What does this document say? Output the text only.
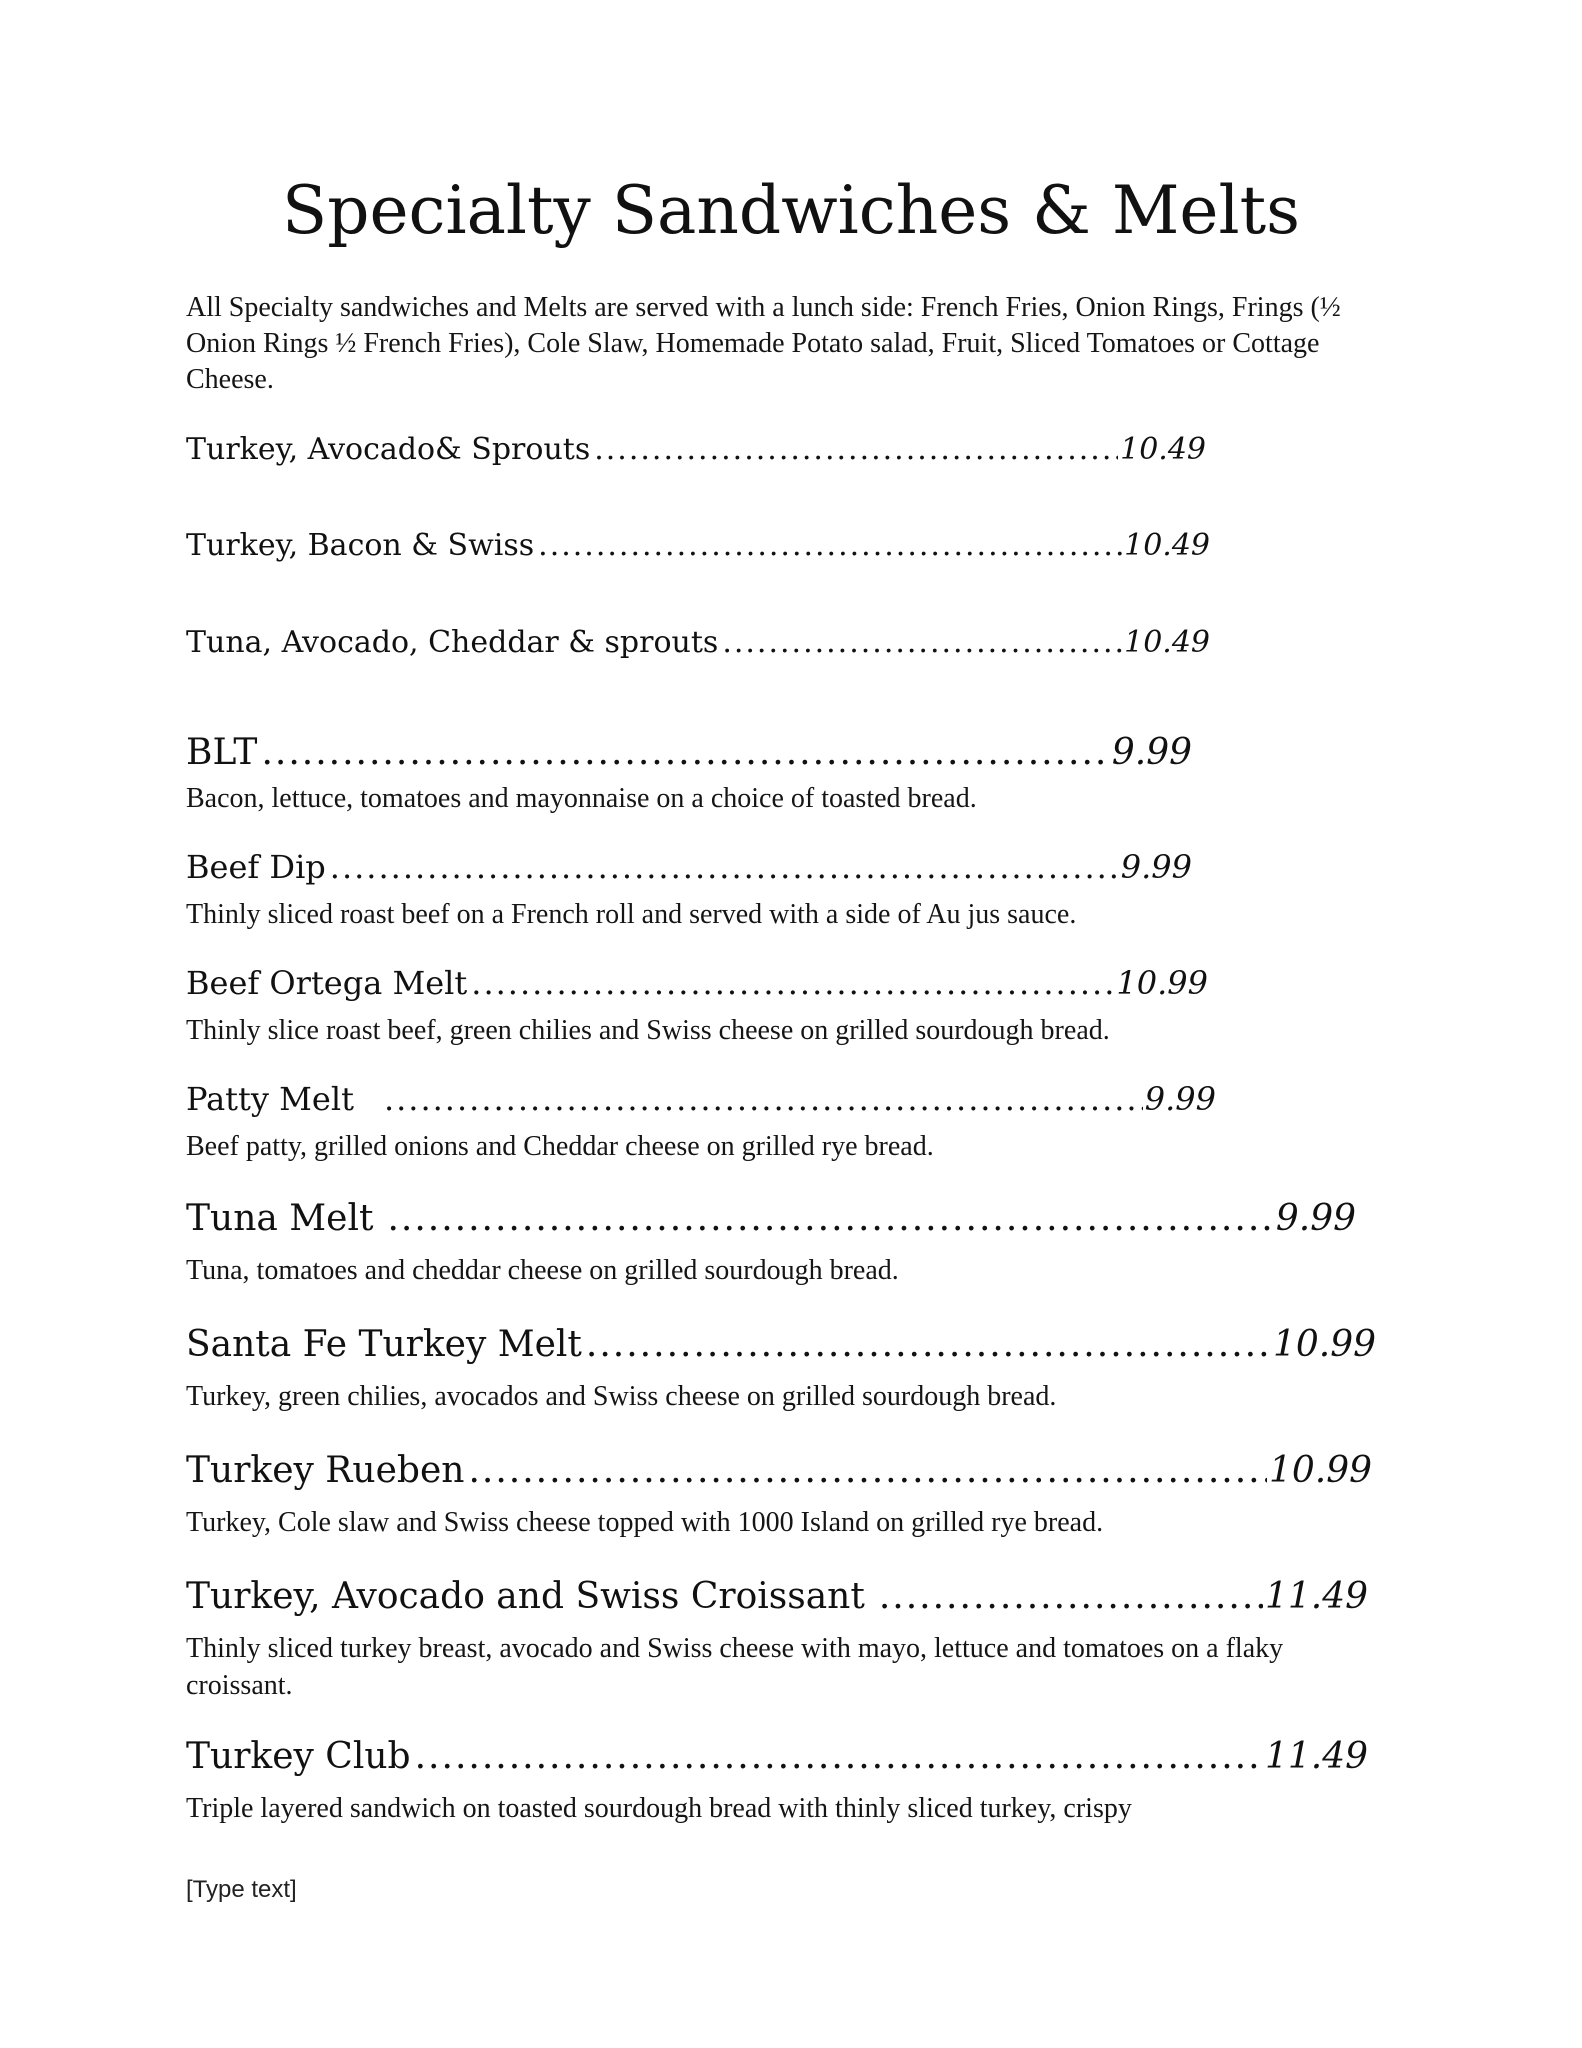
Specialty Sandwiches & Melts
All Specialty sandwiches and Melts are served with a lunch side: French Fries, Onion Rings, Frings (½ Onion Rings ½ French Fries), Cole Slaw, Homemade Potato salad, Fruit, Sliced Tomatoes or Cottage Cheese.
Turkey, Avocado& Sprouts .....	10.49
Turkey, Bacon & Swiss .....	10.49
Tuna, Avocado, Cheddar & sprouts .....	10.49
BLT .....	9.99
Bacon, lettuce, tomatoes and mayonnaise on a choice of toasted bread.
Beef Dip .....	9.99
Thinly sliced roast beef on a French roll and served with a side of Au jus sauce.
Beef Ortega Melt .....	10.99
Thinly slice roast beef, green chilies and Swiss cheese on grilled sourdough bread.
Patty Melt .....	9.99
Beef patty, grilled onions and Cheddar cheese on grilled rye bread.
Tuna Melt .....	9.99
Tuna, tomatoes and cheddar cheese on grilled sourdough bread.
Santa Fe Turkey Melt .....	10.99
Turkey, green chilies, avocados and Swiss cheese on grilled sourdough bread.
Turkey Rueben .....	10.99
Turkey, Cole slaw and Swiss cheese topped with 1000 Island on grilled rye bread.
Turkey, Avocado and Swiss Croissant .....	11.49
Thinly sliced turkey breast, avocado and Swiss cheese with mayo, lettuce and tomatoes on a flaky croissant.
Turkey Club .....	11.49
Triple layered sandwich on toasted sourdough bread with thinly sliced turkey, crispy
[Type text]
